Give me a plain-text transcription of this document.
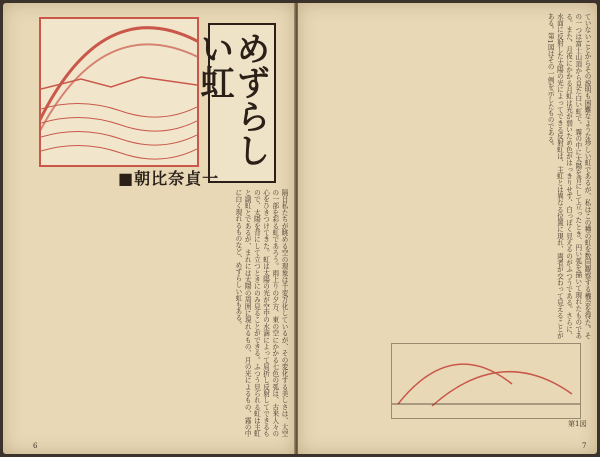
めずらしい虹
■朝比奈貞一
隔日私たちが眺める空の現象は千変万化しているが、その変化する美しさは、大空の一部を彩る虹であろう。雨上りの夕方、東の空にかかる七色の弧は、古来人々の心をひきつけてきた。虹は太陽の光が空中の水滴によって屈折し反射してできるもので、太陽を背にして立つときにのみ見ることができる。ふつう見られる虹は主虹と副虹とであるが、まれには太陽の周囲に現れるもの、月の光によるもの、霧の中に白く現れるものなど、めずらしい虹もある。
6
ていないことからその説明も困難なような珍しい虹であるが、私はこの種の虹を数回観察する機会を得た。その一つは富士山頂から見た白い虹で、霧の中に太陽を背にして立ったとき、円い弧を描いて現れたものである。また、月夜にかかる月虹は光が弱いため色がはっきりせず、白っぽく見えるのがふつうである。さらに、水面に反射した太陽の光によってできる反射虹は、主虹とは異なる位置に現れ、両者が交わって見えることがある。第1図はその一例を示したものである。
第1図
7
